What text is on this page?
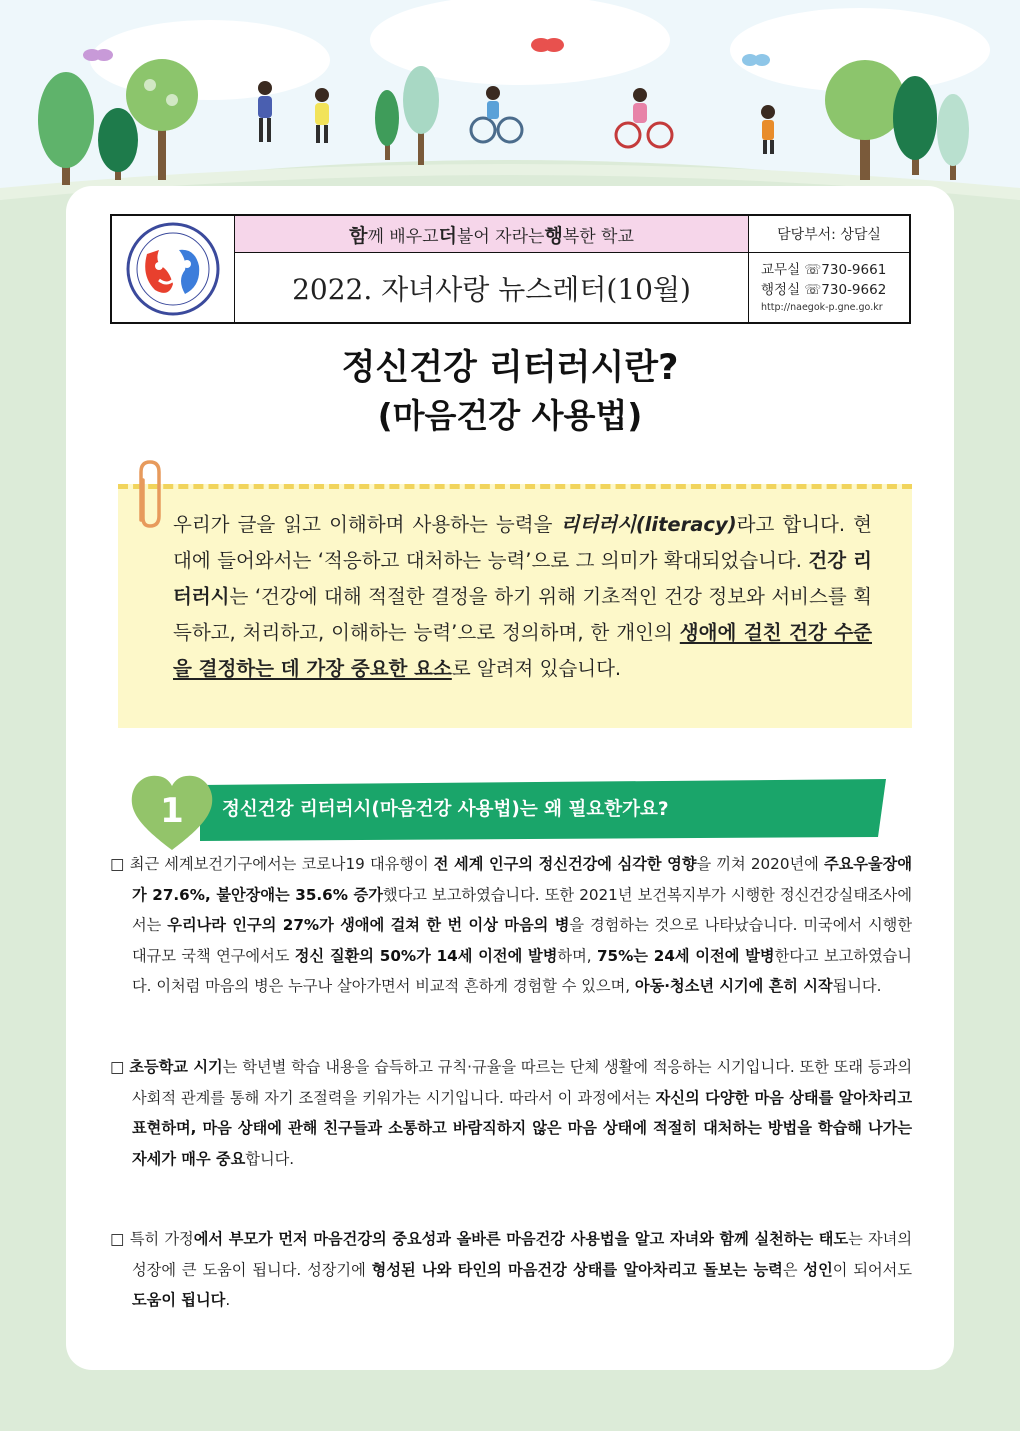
함 께 배우고 더 불어 자라는 행 복한 학교
2022. 자녀사랑 뉴스레터(10월)
담당부서: 상담실
교무실 ☏730-9661
행정실 ☏730-9662
http://naegok-p.gne.go.kr
정신건강 리터러시란?
(마음건강 사용법)
우리가 글을 읽고 이해하며 사용하는 능력을 리터러시(literacy)라고 합니다. 현대에 들어와서는 ‘적응하고 대처하는 능력’으로 그 의미가 확대되었습니다. 건강 리터러시는 ‘건강에 대해 적절한 결정을 하기 위해 기초적인 건강 정보와 서비스를 획득하고, 처리하고, 이해하는 능력’으로 정의하며, 한 개인의 생애에 걸친 건강 수준을 결정하는 데 가장 중요한 요소로 알려져 있습니다.
1	정신건강 리터러시(마음건강 사용법)는 왜 필요한가요?
□ 최근 세계보건기구에서는 코로나19 대유행이 전 세계 인구의 정신건강에 심각한 영향을 끼쳐 2020년에 주요우울장애가 27.6%, 불안장애는 35.6% 증가했다고 보고하였습니다. 또한 2021년 보건복지부가 시행한 정신건강실태조사에서는 우리나라 인구의 27%가 생애에 걸쳐 한 번 이상 마음의 병을 경험하는 것으로 나타났습니다. 미국에서 시행한 대규모 국책 연구에서도 정신 질환의 50%가 14세 이전에 발병하며, 75%는 24세 이전에 발병한다고 보고하였습니다. 이처럼 마음의 병은 누구나 살아가면서 비교적 흔하게 경험할 수 있으며, 아동·청소년 시기에 흔히 시작됩니다.
□ 초등학교 시기는 학년별 학습 내용을 습득하고 규칙·규율을 따르는 단체 생활에 적응하는 시기입니다. 또한 또래 등과의 사회적 관계를 통해 자기 조절력을 키워가는 시기입니다. 따라서 이 과정에서는 자신의 다양한 마음 상태를 알아차리고 표현하며, 마음 상태에 관해 친구들과 소통하고 바람직하지 않은 마음 상태에 적절히 대처하는 방법을 학습해 나가는 자세가 매우 중요합니다.
□ 특히 가정에서 부모가 먼저 마음건강의 중요성과 올바른 마음건강 사용법을 알고 자녀와 함께 실천하는 태도는 자녀의 성장에 큰 도움이 됩니다. 성장기에 형성된 나와 타인의 마음건강 상태를 알아차리고 돌보는 능력은 성인이 되어서도 도움이 됩니다.
